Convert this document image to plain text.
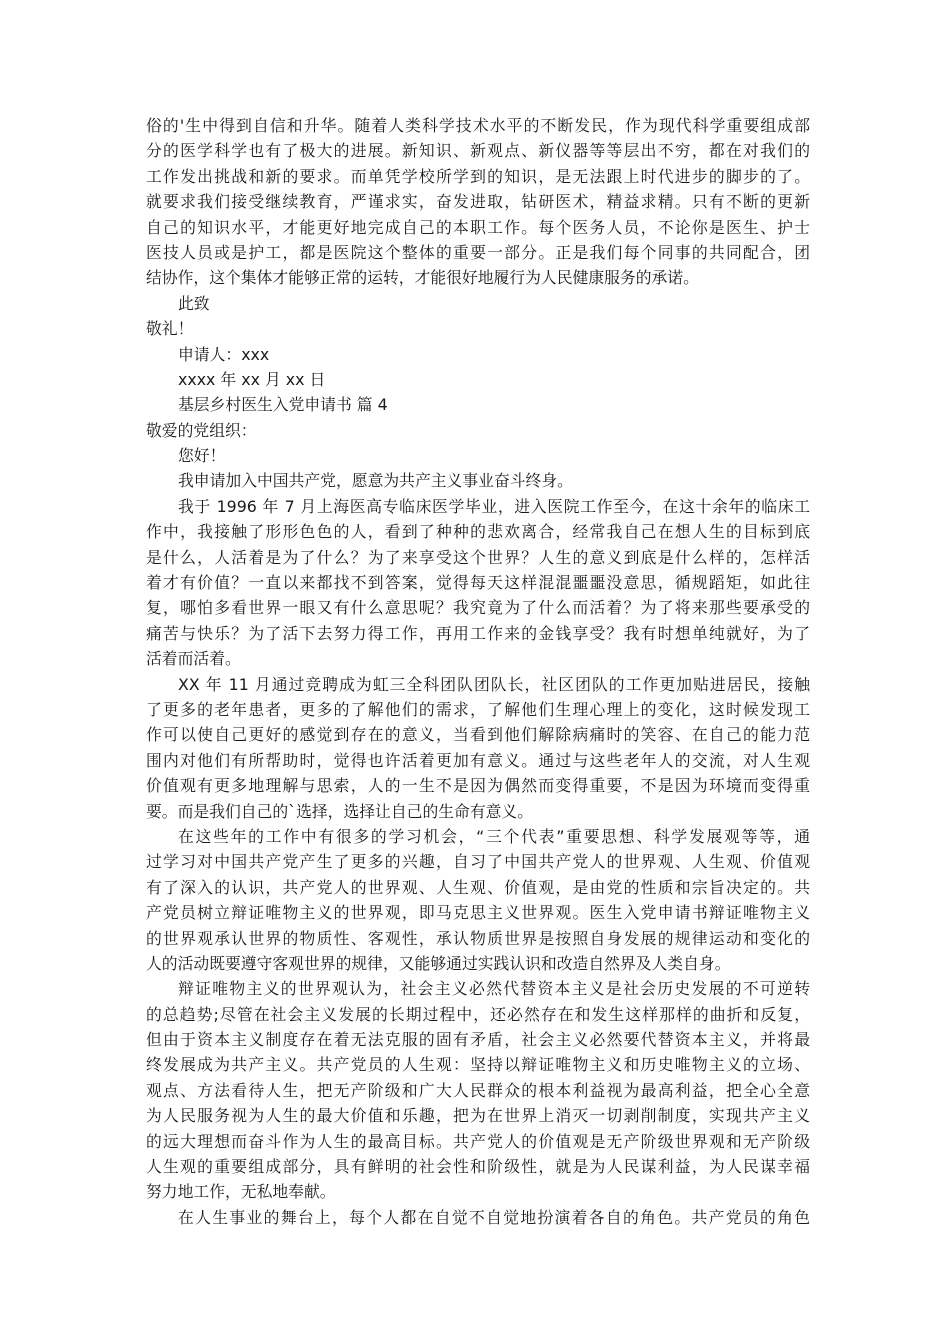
俗的'生中得到自信和升华。随着人类科学技术水平的不断发民，作为现代科学重要组成部
分的医学科学也有了极大的进展。新知识、新观点、新仪器等等层出不穷，都在对我们的
工作发出挑战和新的要求。而单凭学校所学到的知识，是无法跟上时代进步的脚步的了。
就要求我们接受继续教育，严谨求实，奋发进取，钻研医术，精益求精。只有不断的更新
自己的知识水平，才能更好地完成自己的本职工作。每个医务人员，不论你是医生、护士
医技人员或是护工，都是医院这个整体的重要一部分。正是我们每个同事的共同配合，团
结协作，这个集体才能够正常的运转，才能很好地履行为人民健康服务的承诺。
此致
敬礼！
申请人：xxx
xxxx 年 xx 月 xx 日
基层乡村医生入党申请书 篇 4
敬爱的党组织：
您好！
我申请加入中国共产党，愿意为共产主义事业奋斗终身。
我于 1996 年 7 月上海医高专临床医学毕业，进入医院工作至今，在这十余年的临床工
作中，我接触了形形色色的人，看到了种种的悲欢离合，经常我自己在想人生的目标到底
是什么，人活着是为了什么？为了来享受这个世界？人生的意义到底是什么样的，怎样活
着才有价值？一直以来都找不到答案，觉得每天这样混混噩噩没意思，循规蹈矩，如此往
复，哪怕多看世界一眼又有什么意思呢？我究竟为了什么而活着？为了将来那些要承受的
痛苦与快乐？为了活下去努力得工作，再用工作来的金钱享受？我有时想单纯就好，为了
活着而活着。
XX 年 11 月通过竞聘成为虹三全科团队团队长，社区团队的工作更加贴进居民，接触
了更多的老年患者，更多的了解他们的需求，了解他们生理心理上的变化，这时候发现工
作可以使自己更好的感觉到存在的意义，当看到他们解除病痛时的笑容、在自己的能力范
围内对他们有所帮助时，觉得也许活着更加有意义。通过与这些老年人的交流，对人生观
价值观有更多地理解与思索，人的一生不是因为偶然而变得重要，不是因为环境而变得重
要。而是我们自己的`选择，选择让自己的生命有意义。
在这些年的工作中有很多的学习机会，“三个代表”重要思想、科学发展观等等，通
过学习对中国共产党产生了更多的兴趣，自习了中国共产党人的世界观、人生观、价值观
有了深入的认识，共产党人的世界观、人生观、价值观，是由党的性质和宗旨决定的。共
产党员树立辩证唯物主义的世界观，即马克思主义世界观。医生入党申请书辩证唯物主义
的世界观承认世界的物质性、客观性，承认物质世界是按照自身发展的规律运动和变化的
人的活动既要遵守客观世界的规律，又能够通过实践认识和改造自然界及人类自身。
辩证唯物主义的世界观认为，社会主义必然代替资本主义是社会历史发展的不可逆转
的总趋势;尽管在社会主义发展的长期过程中，还必然存在和发生这样那样的曲折和反复，
但由于资本主义制度存在着无法克服的固有矛盾，社会主义必然要代替资本主义，并将最
终发展成为共产主义。共产党员的人生观：坚持以辩证唯物主义和历史唯物主义的立场、
观点、方法看待人生，把无产阶级和广大人民群众的根本利益视为最高利益，把全心全意
为人民服务视为人生的最大价值和乐趣，把为在世界上消灭一切剥削制度，实现共产主义
的远大理想而奋斗作为人生的最高目标。共产党人的价值观是无产阶级世界观和无产阶级
人生观的重要组成部分，具有鲜明的社会性和阶级性，就是为人民谋利益，为人民谋幸福
努力地工作，无私地奉献。
在人生事业的舞台上，每个人都在自觉不自觉地扮演着各自的角色。共产党员的角色
